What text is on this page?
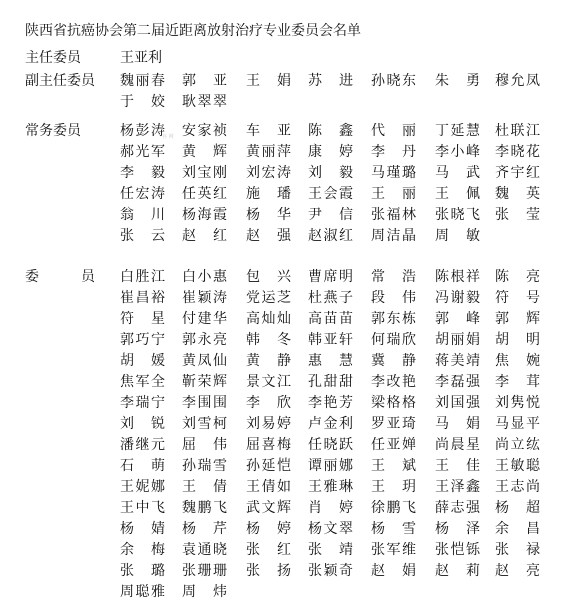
陕西省抗癌协会第二届近距离放射治疗专业委员会名单
主任委员	王亚利
副主任委员 魏丽春 郭　亚 王　娟 苏　进 孙晓东 朱　勇 穆允凤
于　姣 耿翠翠
常务委员	杨彭涛 安家祯 车　亚 陈　鑫 代　丽 丁延慧 杜联江
郝光军 黄　辉 黄丽萍 康　婷 李　丹 李小峰 李晓花
李　毅 刘宝刚 刘宏涛 刘　毅 马瑾璐 马　武 齐宇红
任宏涛 任英红 施　璠 王会霞 王　丽 王　佩 魏　英
翁　川 杨海霞 杨　华 尹　信 张福林 张晓飞 张　莹
张　云 赵　红 赵　强 赵淑红 周洁晶 周　敏
委　　　员 白胜江 白小惠 包　兴 曹席明 常　浩 陈根祥 陈　亮
崔昌裕 崔颖涛 党运芝 杜燕子 段　伟 冯谢毅 符　号
符　星 付建华 高灿灿 高苗苗 郭东栋 郭　峰 郭　辉
郭巧宁 郭永亮 韩　冬 韩亚轩 何瑞欣 胡丽娟 胡　明
胡　媛 黄凤仙 黄　静 惠　慧 冀　静 蒋美靖 焦　婉
焦军全 靳荣辉 景文江 孔甜甜 李改艳 李磊强 李　茸
李瑞宁 李围围 李　欣 李艳芳 梁格格 刘国强 刘隽悦
刘　锐 刘雪柯 刘易婷 卢金利 罗亚琦 马　娟 马显平
潘继元 屈　伟 屈喜梅 任晓跃 任亚婵 尚晨星 尚立纮
石　萌 孙瑞雪 孙延恺 谭丽娜 王　斌 王　佳 王敏聪
王妮娜 王　倩 王倩如 王雅琳 王　玥 王泽鑫 王志尚
王中飞 魏鹏飞 武文辉 肖　婷 徐鹏飞 薛志强 杨　超
杨　婧 杨　芹 杨　婷 杨文翠 杨　雪 杨　泽 余　昌
余　梅 袁通晓 张　红 张　靖 张军维 张恺铄 张　禄
张　璐 张珊珊 张　扬 张颖奇 赵　娟 赵　莉 赵　亮
周聪雅 周　炜
谷 网
